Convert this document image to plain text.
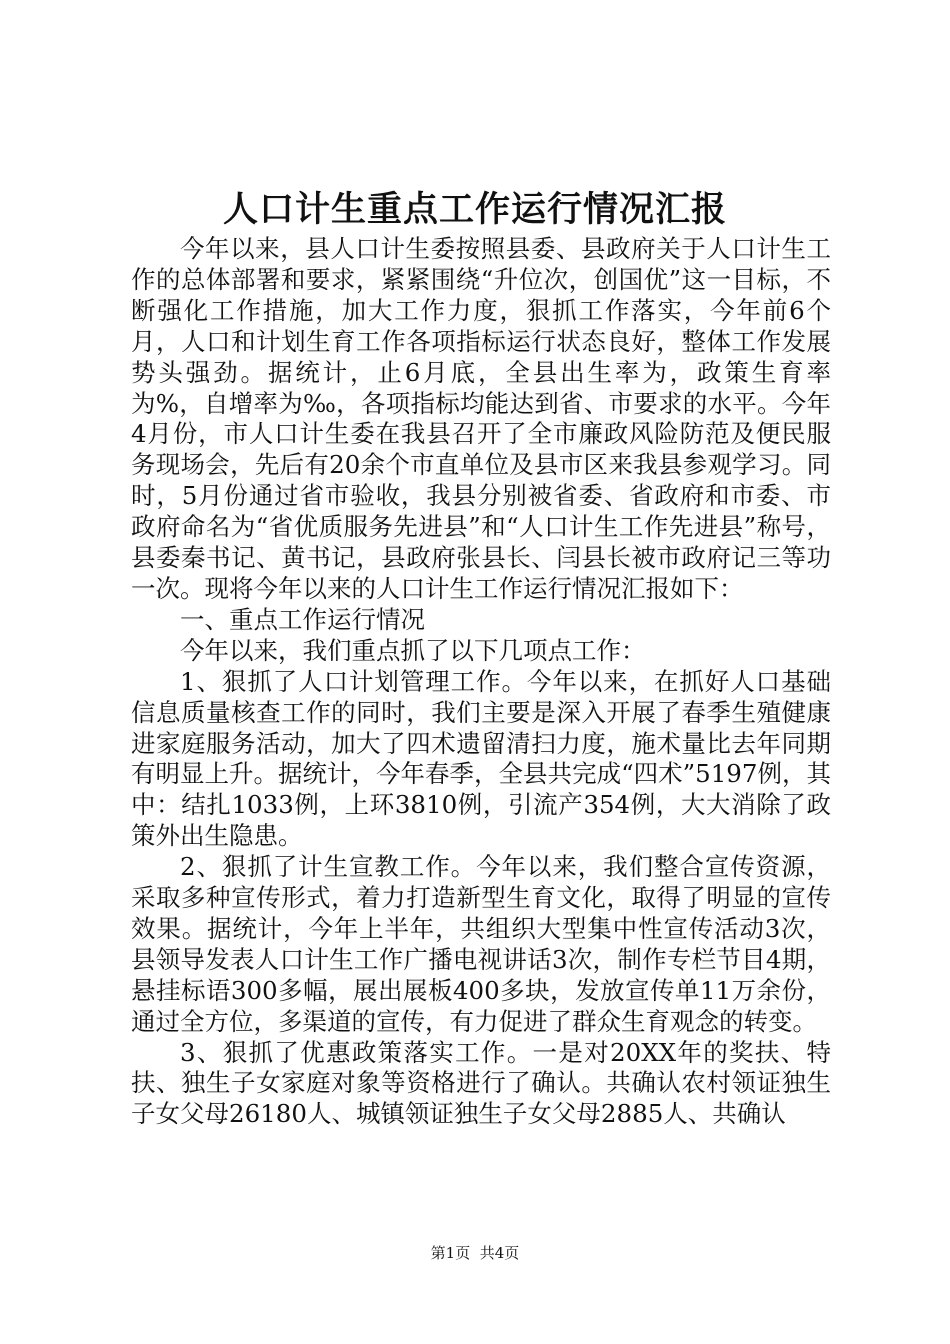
人口计生重点工作运行情况汇报

今年以来，县人口计生委按照县委、县政府关于人口计生工作的总体部署和要求，紧紧围绕“升位次，创国优”这一目标，不断强化工作措施，加大工作力度，狠抓工作落实，今年前6个月，人口和计划生育工作各项指标运行状态良好，整体工作发展势头强劲。据统计，止6月底，全县出生率为，政策生育率为%，自增率为‰，各项指标均能达到省、市要求的水平。今年4月份，市人口计生委在我县召开了全市廉政风险防范及便民服务现场会，先后有20余个市直单位及县市区来我县参观学习。同时，5月份通过省市验收，我县分别被省委、省政府和市委、市政府命名为“省优质服务先进县”和“人口计生工作先进县”称号，县委秦书记、黄书记，县政府张县长、闫县长被市政府记三等功一次。现将今年以来的人口计生工作运行情况汇报如下：

一、重点工作运行情况

今年以来，我们重点抓了以下几项点工作：

1、狠抓了人口计划管理工作。今年以来，在抓好人口基础信息质量核查工作的同时，我们主要是深入开展了春季生殖健康进家庭服务活动，加大了四术遗留清扫力度，施术量比去年同期有明显上升。据统计，今年春季，全县共完成“四术”5197例，其中：结扎1033例，上环3810例，引流产354例，大大消除了政策外出生隐患。

2、狠抓了计生宣教工作。今年以来，我们整合宣传资源，采取多种宣传形式，着力打造新型生育文化，取得了明显的宣传效果。据统计，今年上半年，共组织大型集中性宣传活动3次，县领导发表人口计生工作广播电视讲话3次，制作专栏节目4期，悬挂标语300多幅，展出展板400多块，发放宣传单11万余份，通过全方位，多渠道的宣传，有力促进了群众生育观念的转变。

3、狠抓了优惠政策落实工作。一是对20XX年的奖扶、特扶、独生子女家庭对象等资格进行了确认。共确认农村领证独生子女父母26180人、城镇领证独生子女父母2885人、共确认

第1页 共4页
